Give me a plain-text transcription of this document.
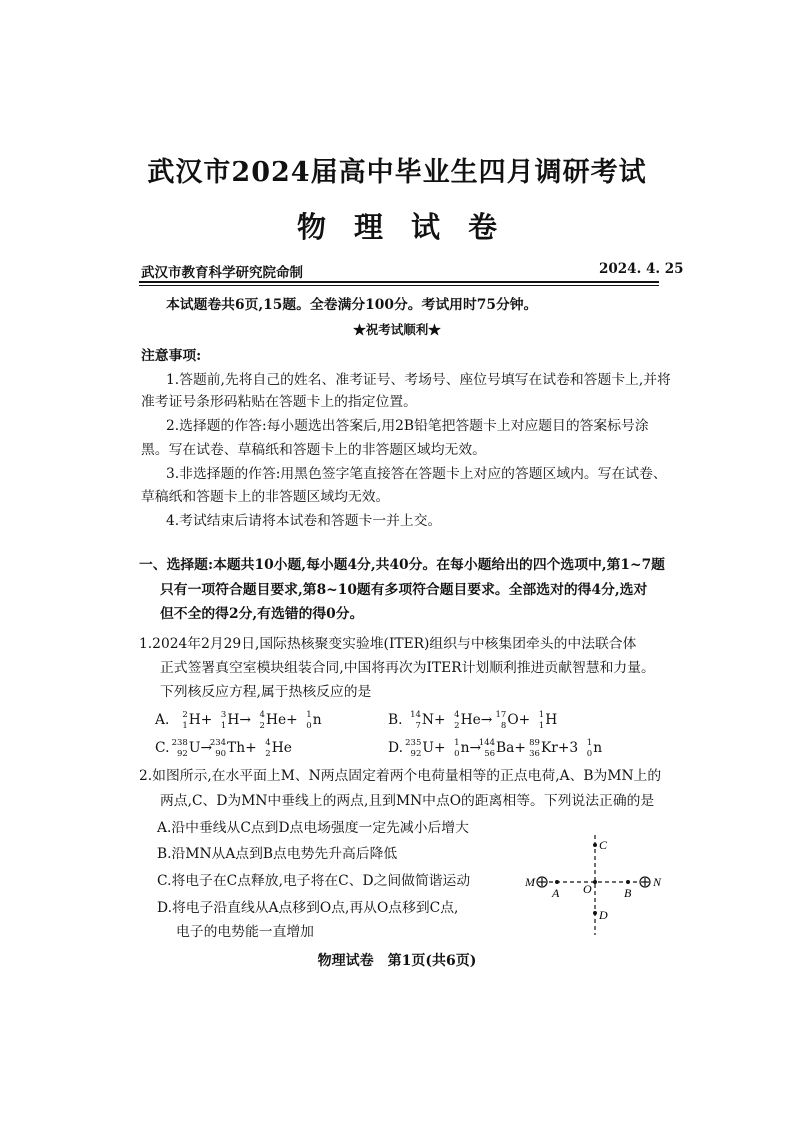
武汉市2024届高中毕业生四月调研考试
物 理 试 卷
武汉市教育科学研究院命制	2024. 4. 25
本试题卷共6页,15题。全卷满分100分。考试用时75分钟。
★祝考试顺利★
注意事项:
1.答题前,先将自己的姓名、准考证号、考场号、座位号填写在试卷和答题卡上,并将
准考证号条形码粘贴在答题卡上的指定位置。
2.选择题的作答:每小题选出答案后,用2B铅笔把答题卡上对应题目的答案标号涂
黑。写在试卷、草稿纸和答题卡上的非答题区域均无效。
3.非选择题的作答:用黑色签字笔直接答在答题卡上对应的答题区域内。写在试卷、
草稿纸和答题卡上的非答题区域均无效。
4.考试结束后请将本试卷和答题卡一并上交。
一、选择题:本题共10小题,每小题4分,共40分。在每小题给出的四个选项中,第1~7题
只有一项符合题目要求,第8~10题有多项符合题目要求。全部选对的得4分,选对
但不全的得2分,有选错的得0分。
1.2024年2月29日,国际热核聚变实验堆(ITER)组织与中核集团牵头的中法联合体
正式签署真空室模块组装合同,中国将再次为ITER计划顺利推进贡献智慧和力量。
下列核反应方程,属于热核反应的是
A. 2
1 H+ 3
1 H→ 4
2 He+ 1
0 n	B. 14
7 N+ 4
2 He→ 17
8 O+ 1
1 H
C. 238
92 U→
234
90 Th+ 4
2 He	D. 235
92 U+ 1
0 n→
144
56 Ba+ 89
36 Kr+3 1
0 n
2.如图所示,在水平面上M、N两点固定着两个电荷量相等的正点电荷,A、B为MN上的
两点,C、D为MN中垂线上的两点,且到MN中点O的距离相等。下列说法正确的是
A.沿中垂线从C点到D点电场强度一定先减小后增大
B.沿MN从A点到B点电势先升高后降低
C.将电子在C点释放,电子将在C、D之间做简谐运动
D.将电子沿直线从A点移到O点,再从O点移到C点,
电子的电势能一直增加
M	N
A	B
O
C
D
物理试卷　第1页(共6页)
